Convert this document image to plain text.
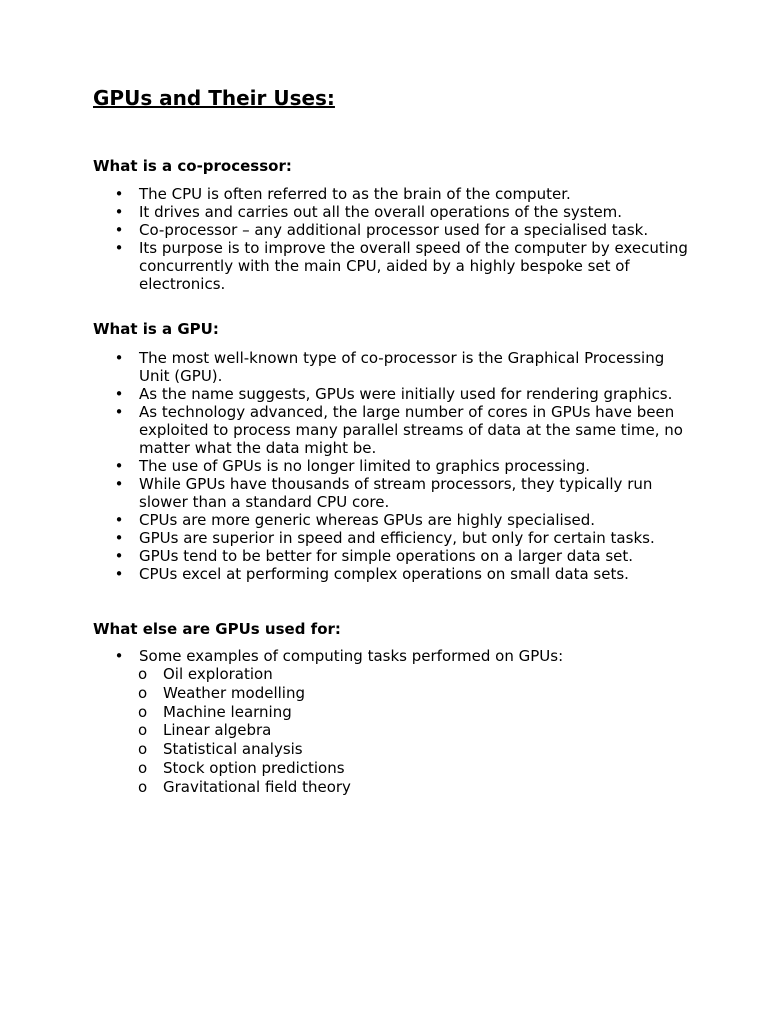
GPUs and Their Uses:
What is a co-processor:
• The CPU is often referred to as the brain of the computer.
• It drives and carries out all the overall operations of the system.
• Co-processor – any additional processor used for a specialised task.
• Its purpose is to improve the overall speed of the computer by executing concurrently with the main CPU, aided by a highly bespoke set of electronics.
What is a GPU:
• The most well-known type of co-processor is the Graphical Processing Unit (GPU).
• As the name suggests, GPUs were initially used for rendering graphics.
• As technology advanced, the large number of cores in GPUs have been exploited to process many parallel streams of data at the same time, no matter what the data might be.
• The use of GPUs is no longer limited to graphics processing.
• While GPUs have thousands of stream processors, they typically run slower than a standard CPU core.
• CPUs are more generic whereas GPUs are highly specialised.
• GPUs are superior in speed and efficiency, but only for certain tasks.
• GPUs tend to be better for simple operations on a larger data set.
• CPUs excel at performing complex operations on small data sets.
What else are GPUs used for:
• Some examples of computing tasks performed on GPUs:
o Oil exploration
o Weather modelling
o Machine learning
o Linear algebra
o Statistical analysis
o Stock option predictions
o Gravitational field theory
